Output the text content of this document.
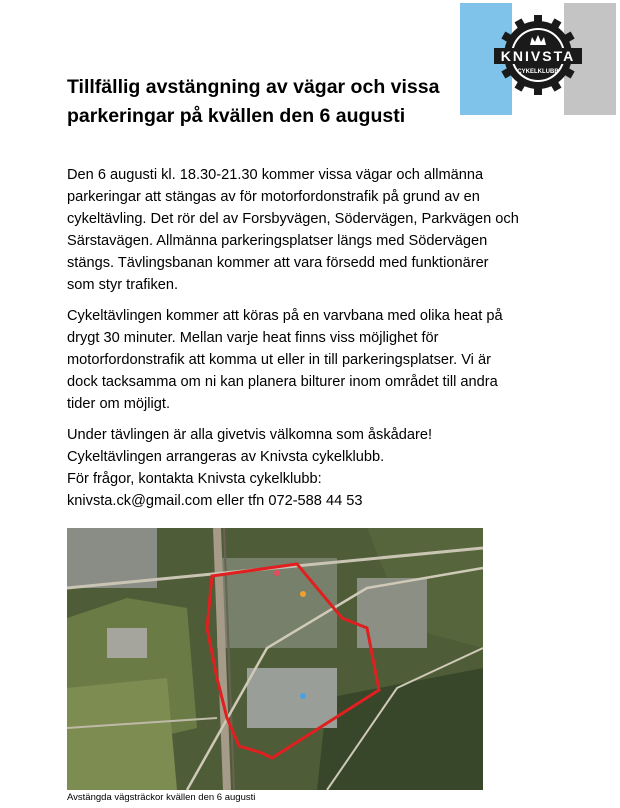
KNIVSTA
CYKELKLUBB
Tillfällig avstängning av vägar och vissa
parkeringar på kvällen den 6 augusti

Den 6 augusti kl. 18.30-21.30 kommer vissa vägar och allmänna
parkeringar att stängas av för motorfordonstrafik på grund av en
cykeltävling. Det rör del av Forsbyvägen, Södervägen, Parkvägen och
Särstavägen. Allmänna parkeringsplatser längs med Södervägen
stängs. Tävlingsbanan kommer att vara försedd med funktionärer
som styr trafiken.

Cykeltävlingen kommer att köras på en varvbana med olika heat på
drygt 30 minuter. Mellan varje heat finns viss möjlighet för
motorfordonstrafik att komma ut eller in till parkeringsplatser. Vi är
dock tacksamma om ni kan planera bilturer inom området till andra
tider om möjligt.

Under tävlingen är alla givetvis välkomna som åskådare!
Cykeltävlingen arrangeras av Knivsta cykelklubb.
För frågor, kontakta Knivsta cykelklubb:
knivsta.ck@gmail.com eller tfn 072-588 44 53

Avstängda vägsträckor kvällen den 6 augusti
